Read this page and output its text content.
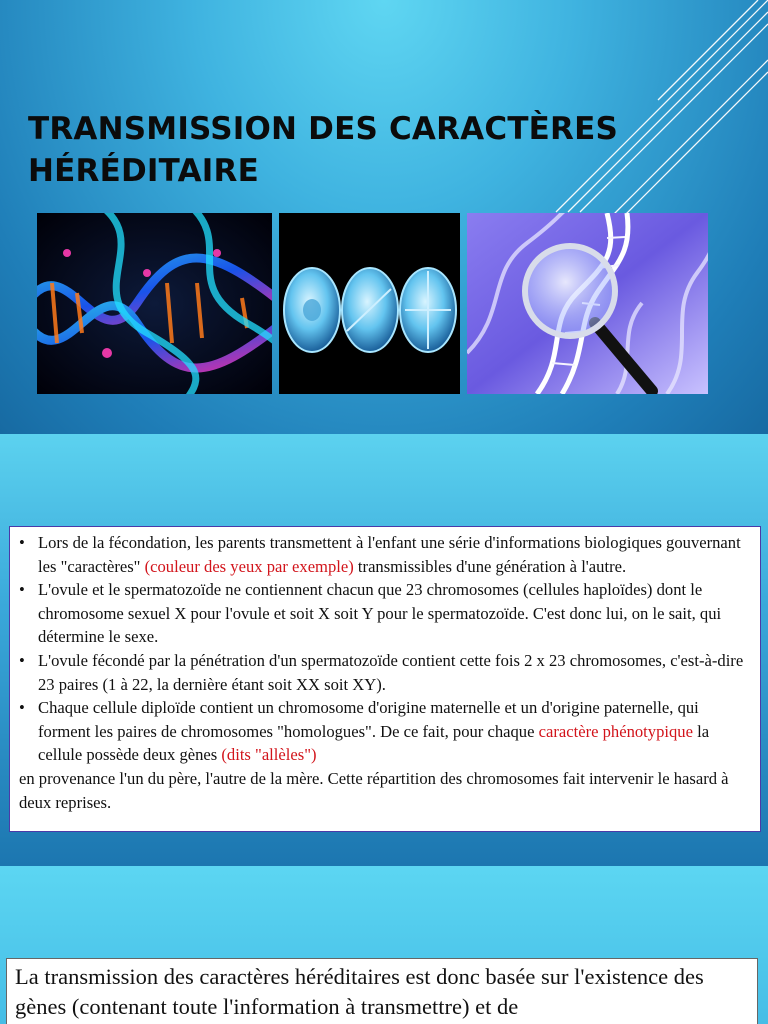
TRANSMISSION DES CARACTÈRES
HÉRÉDITAIRE
• Lors de la fécondation, les parents transmettent à l'enfant une série d'informations biologiques gouvernant les "caractères" (couleur des yeux par exemple) transmissibles d'une génération à l'autre.
• L'ovule et le spermatozoïde ne contiennent chacun que 23 chromosomes (cellules haploïdes) dont le chromosome sexuel X pour l'ovule et soit X soit Y pour le spermatozoïde. C'est donc lui, on le sait, qui détermine le sexe.
• L'ovule fécondé par la pénétration d'un spermatozoïde contient cette fois 2 x 23 chromosomes, c'est-à-dire 23 paires (1 à 22, la dernière étant soit XX soit XY).
• Chaque cellule diploïde contient un chromosome d'origine maternelle et un d'origine paternelle, qui forment les paires de chromosomes "homologues". De ce fait, pour chaque caractère phénotypique la cellule possède deux gènes (dits "allèles")

en provenance l'un du père, l'autre de la mère. Cette répartition des chromosomes fait intervenir le hasard à deux reprises.

La transmission des caractères héréditaires est donc basée sur l'existence des gènes (contenant toute l'information à transmettre) et de
